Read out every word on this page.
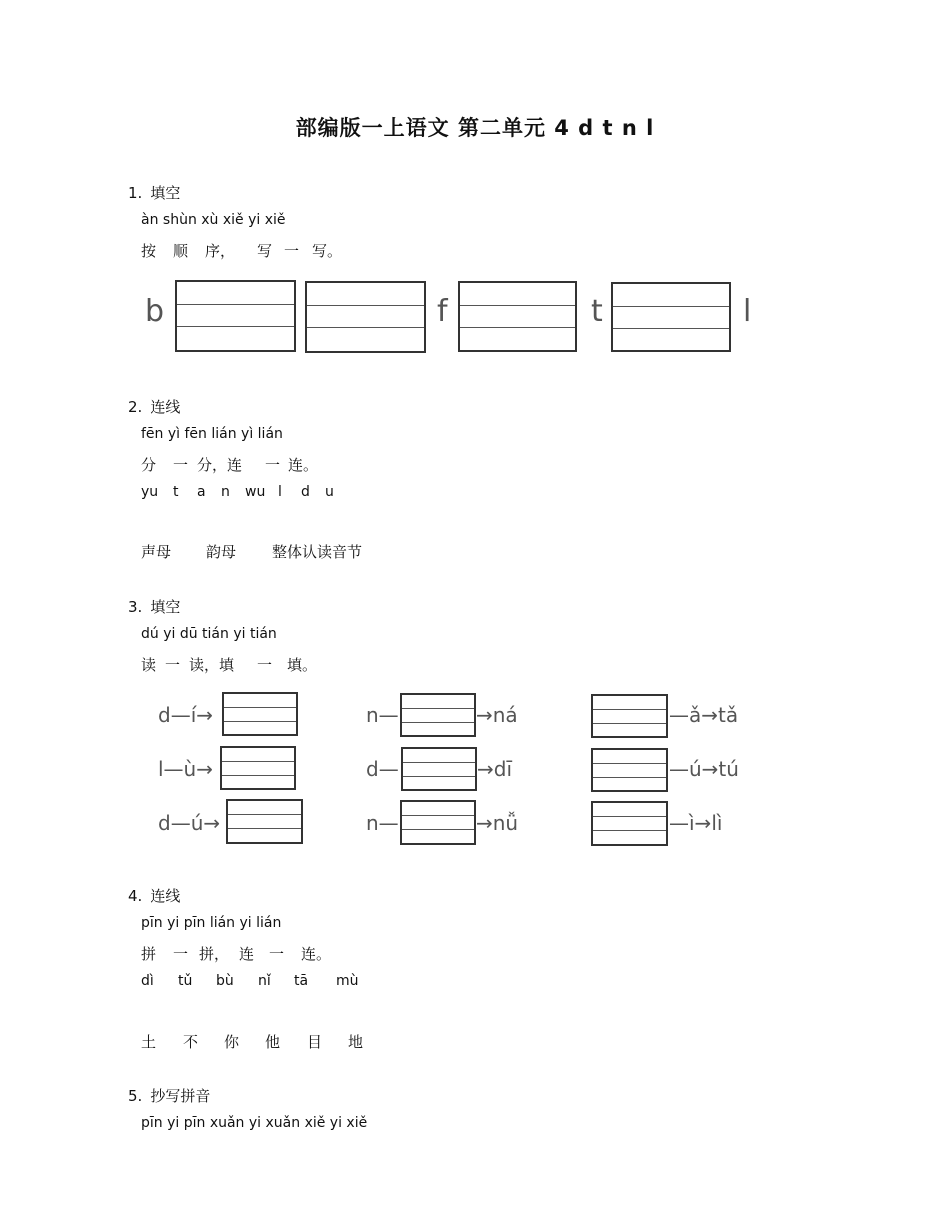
部编版一上语文 第二单元 4 d t n l
1. 填空
àn shùn xù xiě yi xiě
按 顺 序， 写 一 写。
b	f	t	l
2. 连线
fēn yì fēn lián yì lián
分 一 分，连 一 连。
yu t a n wu l d u
声母 韵母 整体认读音节
3. 填空
dú yi dū tián yi tián
读 一 读，填 一 填。
d—í→	n—	→ná	—ǎ→tǎ
l—ù→	d—	→dī	—ú→tú
d—ú→	n—	→nǚ	—ì→lì
4. 连线
pīn yi pīn lián yi lián
拼 一 拼， 连 一 连。
dì tǔ bù nǐ tā mù
土 不 你 他 目 地
5. 抄写拼音
pīn yi pīn xuǎn yi xuǎn xiě yi xiě
